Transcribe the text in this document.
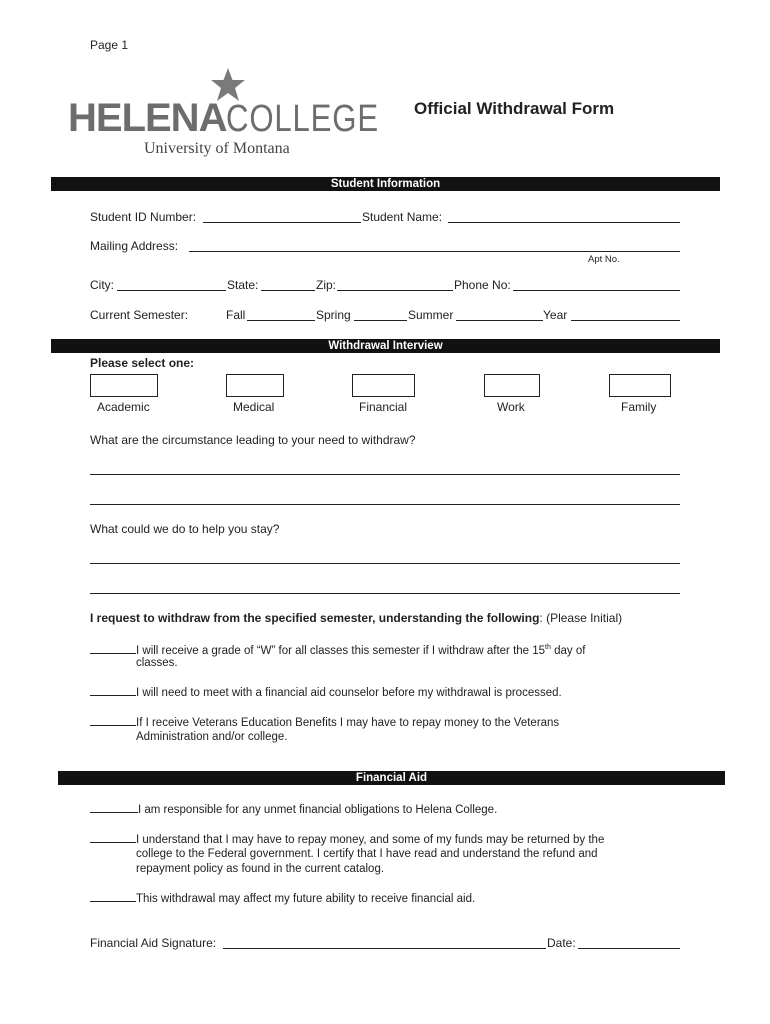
Page 1
HELENACOLLEGE
University of Montana
Official Withdrawal Form
Student Information
Student ID Number:	Student Name:
Mailing Address:
Apt No.
City:	State:	Zip:	Phone No:
Current Semester:	Fall	Spring	Summer	Year
Withdrawal Interview
Please select one:
Academic	Medical	Financial	Work	Family
What are the circumstance leading to your need to withdraw?
What could we do to help you stay?
I request to withdraw from the specified semester, understanding the following: (Please Initial)
I will receive a grade of “W” for all classes this semester if I withdraw after the 15th day of
classes.
I will need to meet with a financial aid counselor before my withdrawal is processed.
If I receive Veterans Education Benefits I may have to repay money to the Veterans
Administration and/or college.
Financial Aid
I am responsible for any unmet financial obligations to Helena College.
I understand that I may have to repay money, and some of my funds may be returned by the
college to the Federal government. I certify that I have read and understand the refund and
repayment policy as found in the current catalog.
This withdrawal may affect my future ability to receive financial aid.
Financial Aid Signature:	Date:
